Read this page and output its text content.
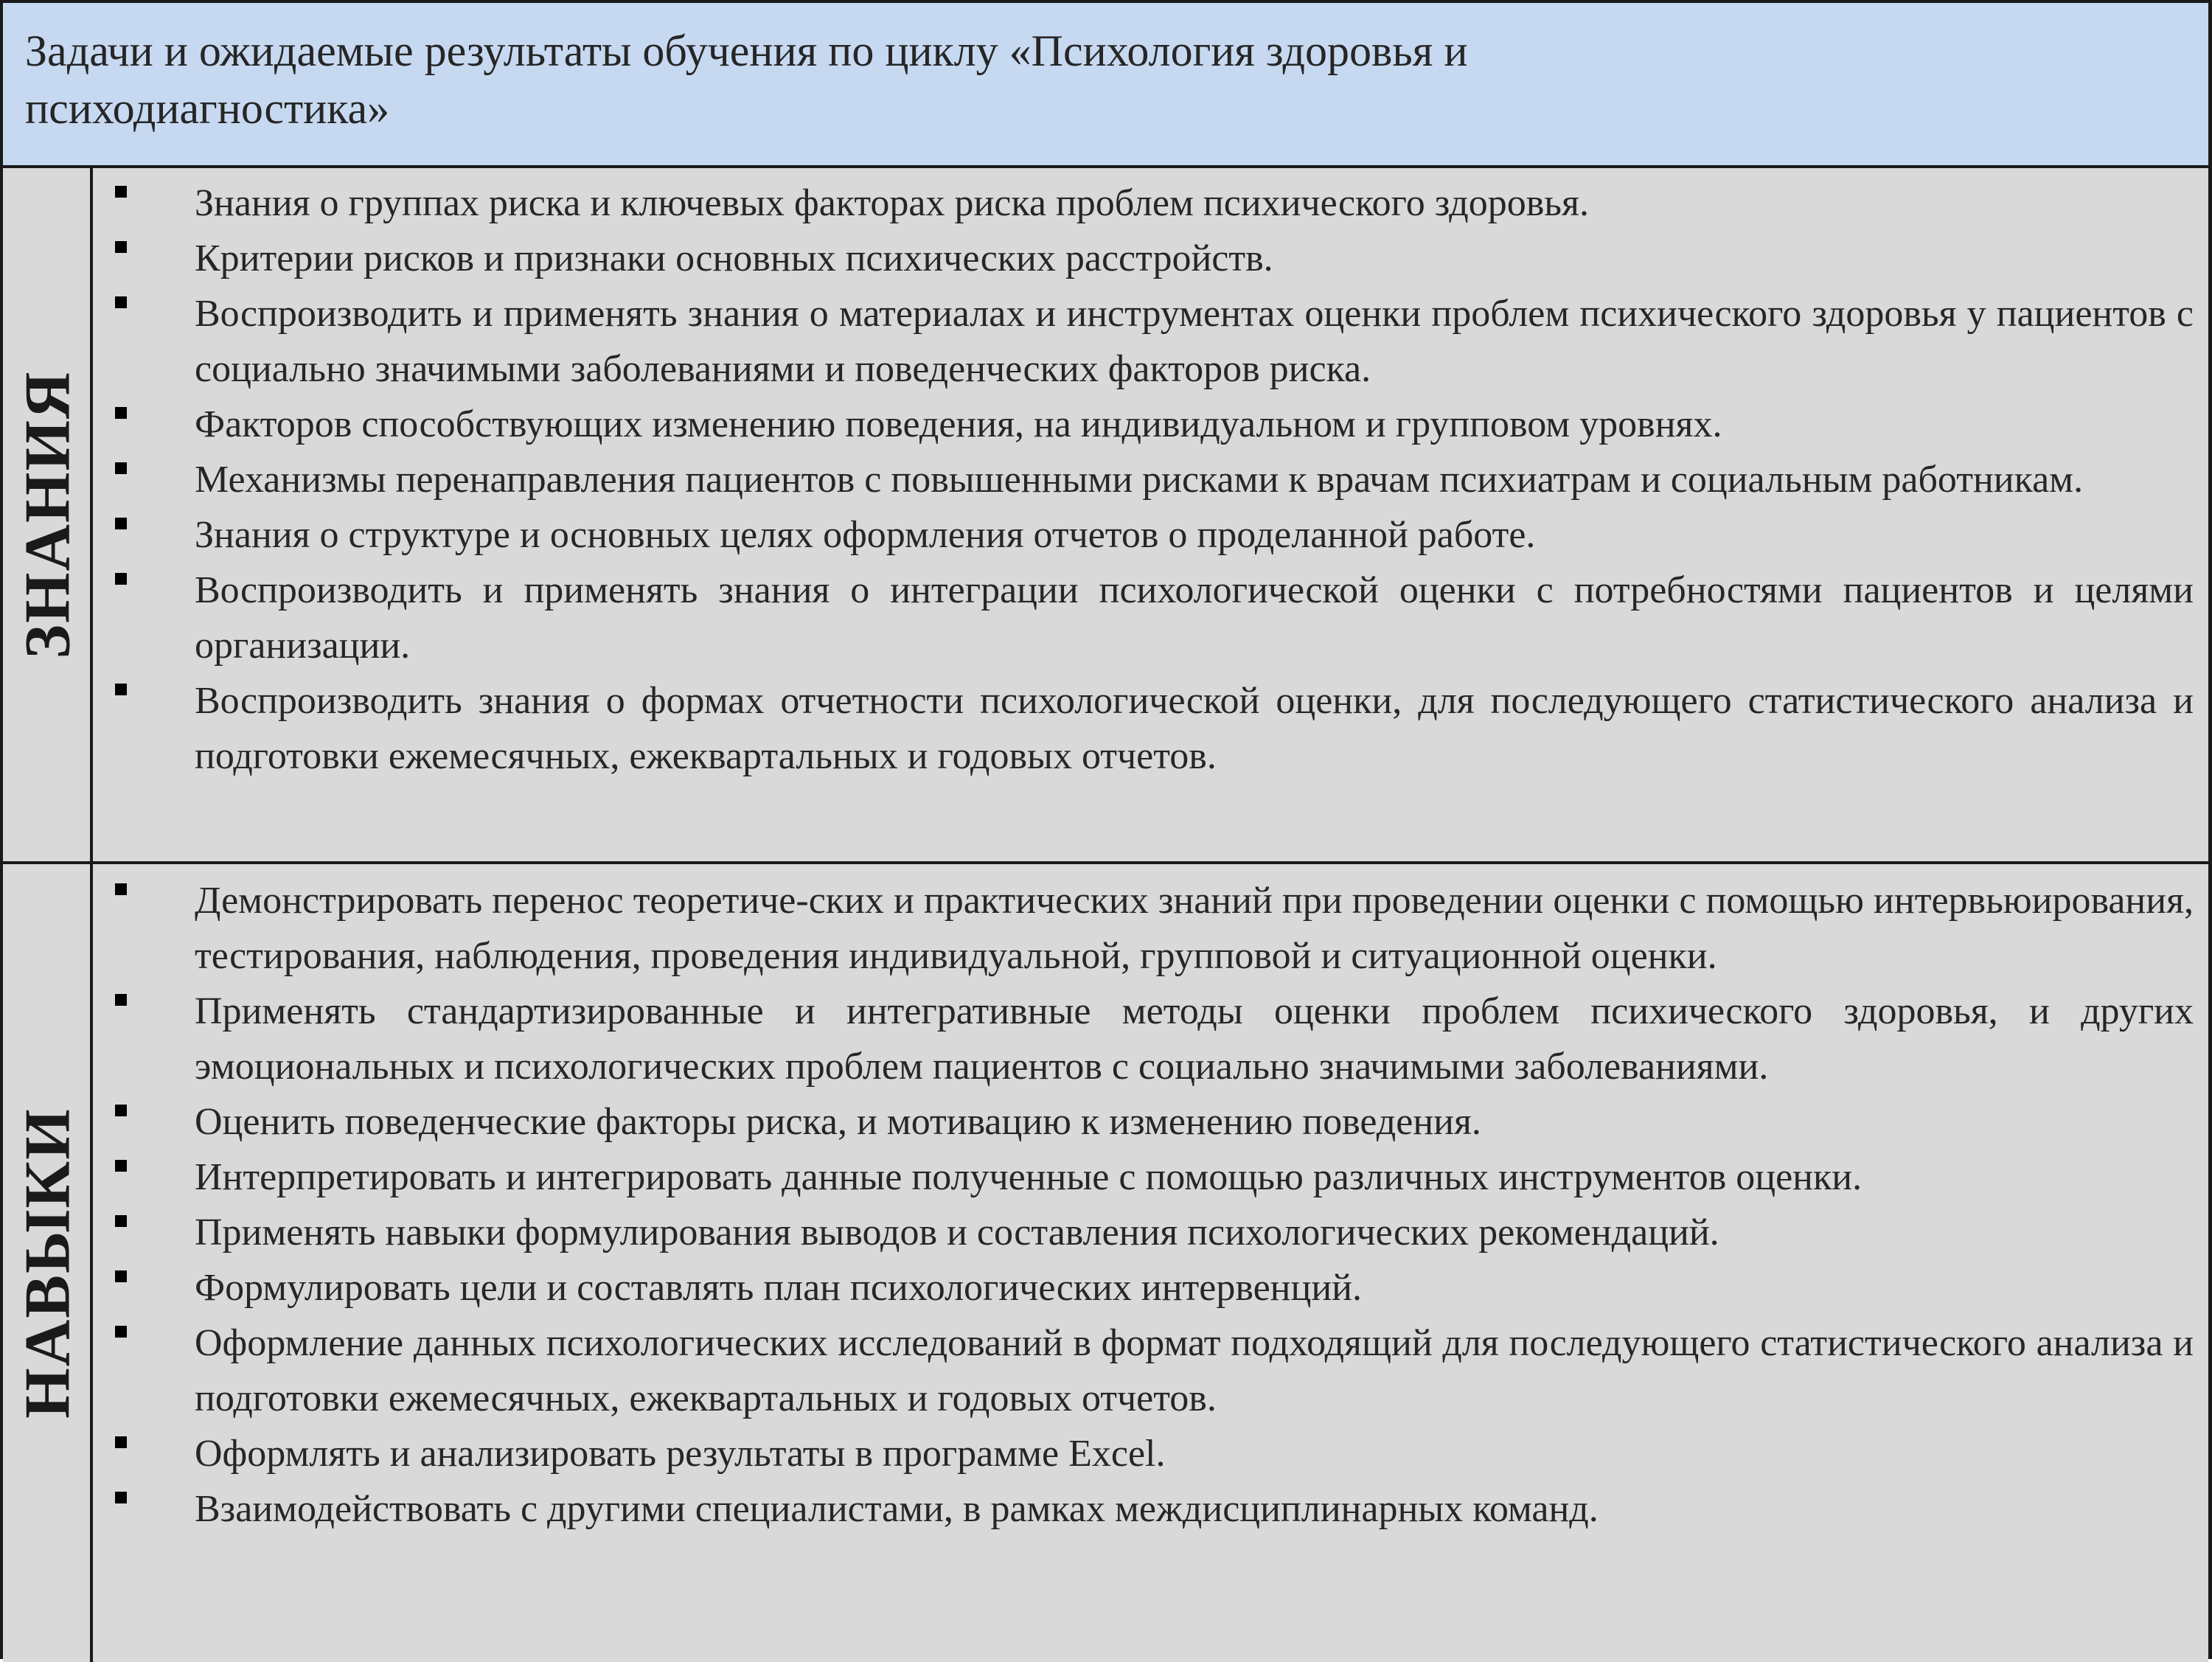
Задачи и ожидаемые результаты обучения по циклу «Психология здоровья и психодиагностика»
ЗНАНИЯ
Знания о группах риска и ключевых факторах риска проблем психического здоровья.
Критерии рисков и признаки основных психических расстройств.
Воспроизводить и применять знания о материалах и инструментах оценки проблем психического здоровья у пациентов с социально значимыми заболеваниями и поведенческих факторов риска.
Факторов способствующих изменению поведения, на индивидуальном и групповом уровнях.
Механизмы перенаправления пациентов с повышенными рисками к врачам психиатрам и социальным работникам.
Знания о структуре и основных целях оформления отчетов о проделанной работе.
Воспроизводить и применять знания о интеграции психологической оценки с потребностями пациентов и целями организации.
Воспроизводить знания о формах отчетности психологической оценки, для последующего статистического анализа и подготовки ежемесячных, ежеквартальных и годовых отчетов.
НАВЫКИ
Демонстрировать перенос теоретиче-ских и практических знаний при проведении оценки с помощью интервьюирования, тестирования, наблюдения, проведения индивидуальной, групповой и ситуационной оценки.
Применять стандартизированные и интегративные методы оценки проблем психического здоровья, и других эмоциональных и психологических проблем пациентов с социально значимыми заболеваниями.
Оценить поведенческие факторы риска, и мотивацию к изменению поведения.
Интерпретировать и интегрировать данные полученные с помощью различных инструментов оценки.
Применять навыки формулирования выводов и составления психологических рекомендаций.
Формулировать цели и составлять план психологических интервенций.
Оформление данных психологических исследований в формат подходящий для последующего статистического анализа и подготовки ежемесячных, ежеквартальных и годовых отчетов.
Оформлять и анализировать результаты в программе Excel.
Взаимодействовать с другими специалистами, в рамках междисциплинарных команд.
